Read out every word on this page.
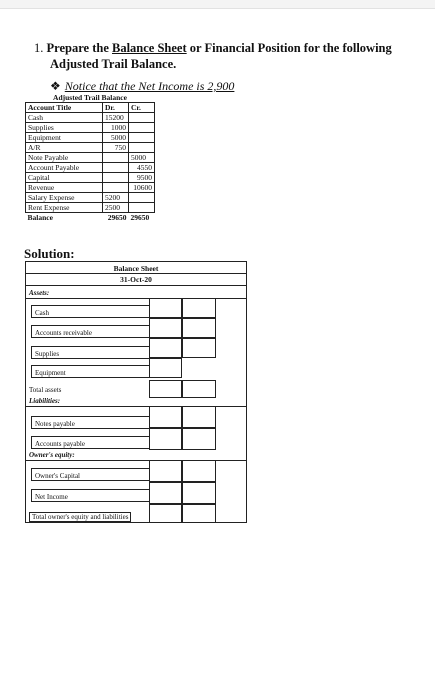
1. Prepare the Balance Sheet or Financial Position for the following
Adjusted Trail Balance.
❖ Notice that the Net Income is 2,900
Adjusted Trail Balance		
Account Title	Dr.	Cr.
Cash	15200	
Supplies	1000	
Equipment	5000	
A/R	750	
Note Payable		5000
Account Payable		4550
Capital		9500
Revenue		10600
Salary Expense	5200	
Rent Expense	2500	
Balance	29650	29650
Solution:
Balance Sheet
31-Oct-20
Assets:
Cash
Accounts receivable
Supplies
Equipment
Total assets
Liabilities:
Notes payable
Accounts payable
Owner's equity:
Owner's Capital
Net Income
Total owner's equity and liabilities
